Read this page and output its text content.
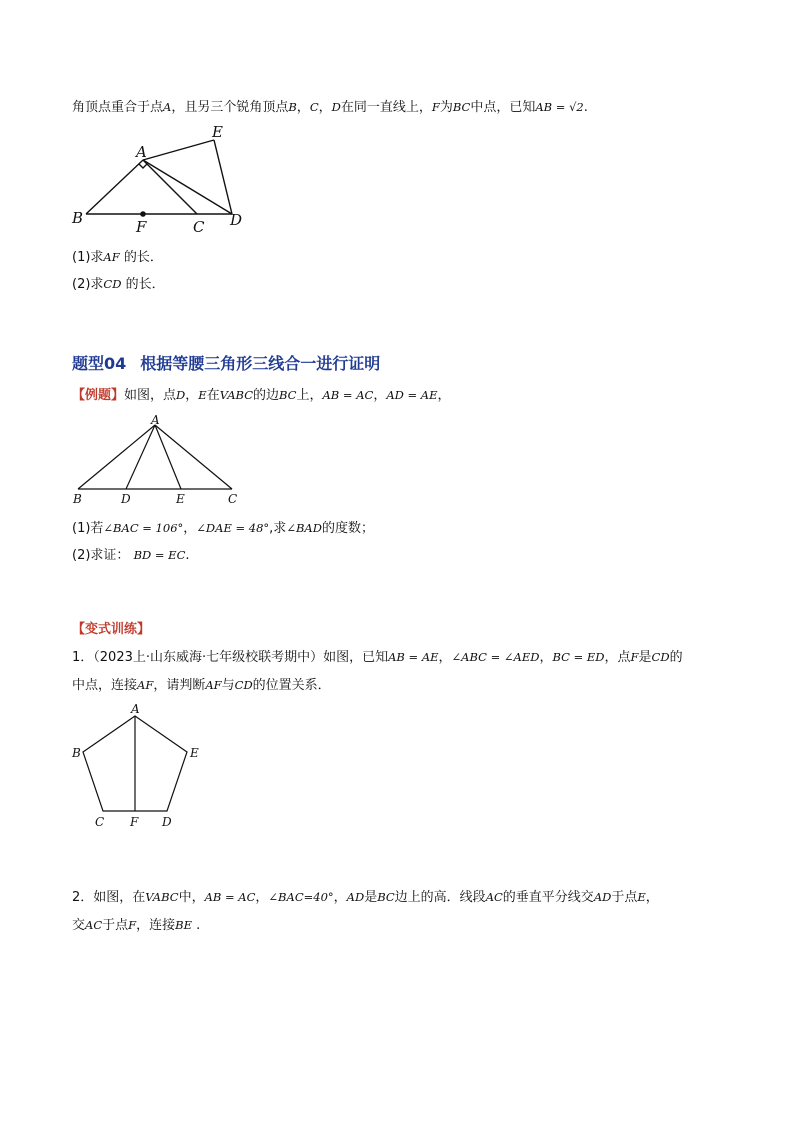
角顶点重合于点A，且另三个锐角顶点B，C，D在同一直线上，F为BC中点，已知AB = √2.
A
E
B	F	C D
(1)求AF 的长．
(2)求CD 的长．
题型04 根据等腰三角形三线合一进行证明
【例题】如图，点D，E在VABC的边BC上，AB = AC，AD = AE，
A
B	D	E	C
(1)若∠BAC = 106°，∠DAE = 48°,求∠BAD的度数；
(2)求证： BD = EC.
【变式训练】
1．（2023上·山东威海·七年级校联考期中）如图，已知AB = AE，∠ABC = ∠AED，BC = ED，点F是CD的
中点，连接AF，请判断AF与CD的位置关系．
A
B	E
C F D
2．如图，在VABC中，AB = AC，∠BAC=40°，AD是BC边上的高．线段AC的垂直平分线交AD于点E，
交AC于点F，连接BE .
